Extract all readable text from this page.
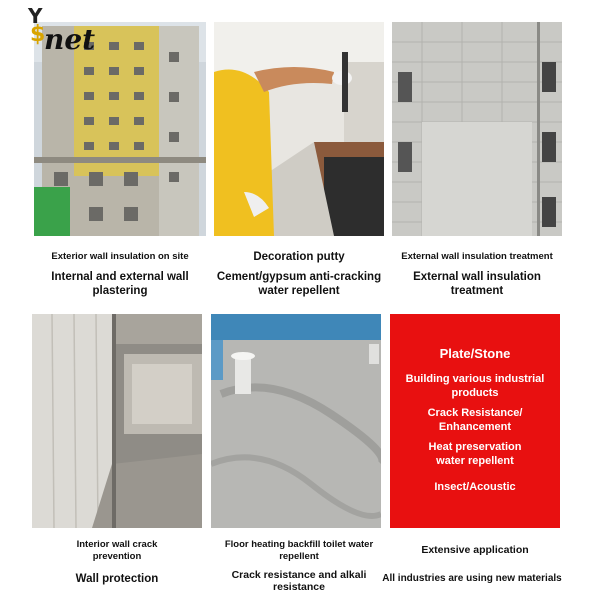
Y
$
net
Exterior wall insulation on site
Internal and external wall plastering
Decoration putty
Cement/gypsum anti-cracking water repellent
External wall insulation treatment
External wall insulation treatment
Plate/Stone
Building various industrial products
Crack Resistance/ Enhancement
Heat preservation water repellent
Insect/Acoustic
Interior wall crack prevention
Wall protection
Floor heating backfill toilet water repellent
Crack resistance and alkali resistance
Extensive application
All industries are using new materials
